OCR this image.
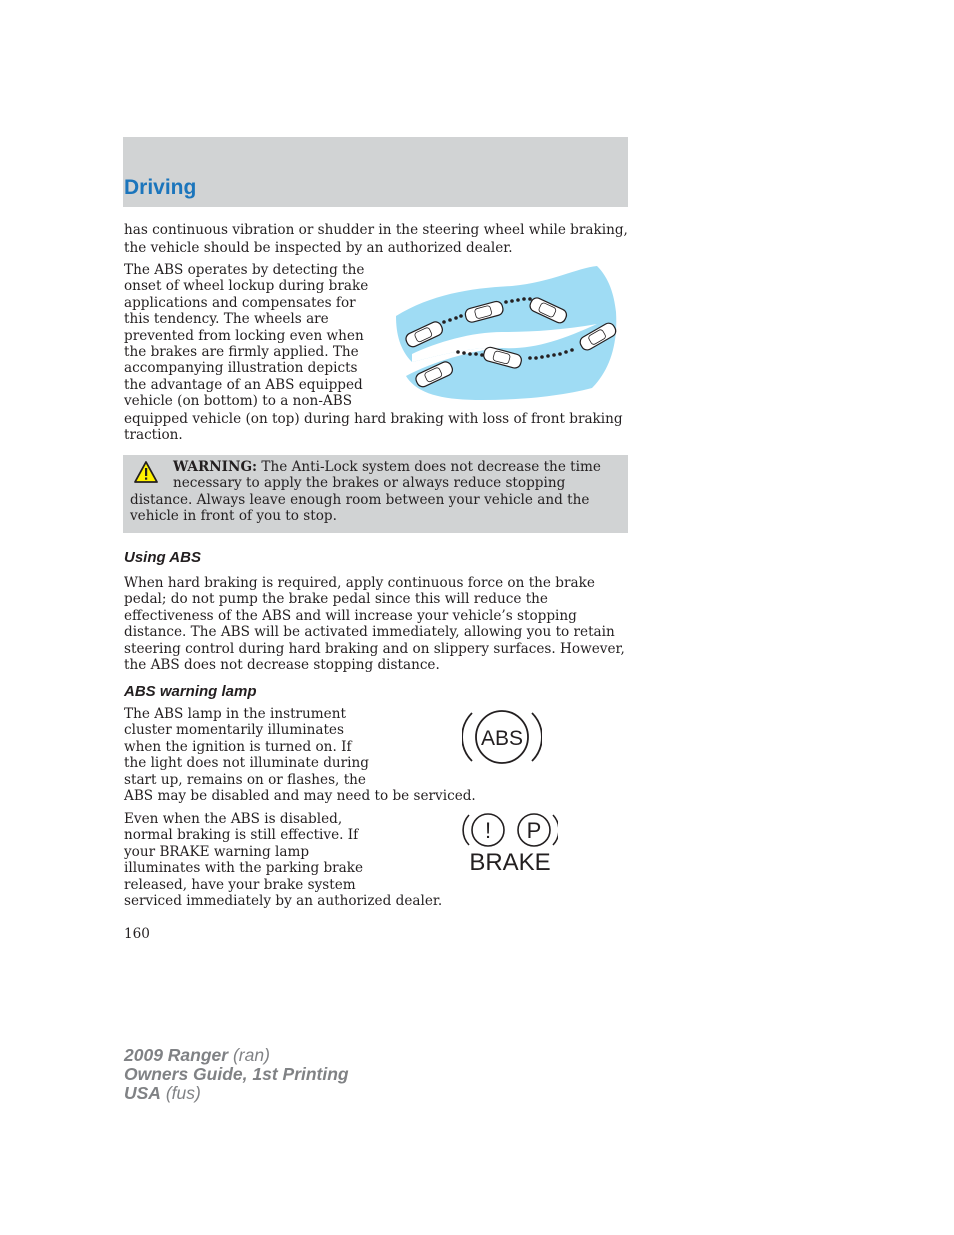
Driving
has continuous vibration or shudder in the steering wheel while braking,
the vehicle should be inspected by an authorized dealer.
The ABS operates by detecting the
onset of wheel lockup during brake
applications and compensates for
this tendency. The wheels are
prevented from locking even when
the brakes are firmly applied. The
accompanying illustration depicts
the advantage of an ABS equipped
vehicle (on bottom) to a non-ABS
equipped vehicle (on top) during hard braking with loss of front braking
traction.
WARNING: The Anti-Lock system does not decrease the time
necessary to apply the brakes or always reduce stopping
distance. Always leave enough room between your vehicle and the
vehicle in front of you to stop.
Using ABS
When hard braking is required, apply continuous force on the brake
pedal; do not pump the brake pedal since this will reduce the
effectiveness of the ABS and will increase your vehicle’s stopping
distance. The ABS will be activated immediately, allowing you to retain
steering control during hard braking and on slippery surfaces. However,
the ABS does not decrease stopping distance.
ABS warning lamp
The ABS lamp in the instrument
cluster momentarily illuminates
when the ignition is turned on. If
the light does not illuminate during
start up, remains on or flashes, the
ABS may be disabled and may need to be serviced.
ABS
Even when the ABS is disabled,
normal braking is still effective. If
your BRAKE warning lamp
illuminates with the parking brake
released, have your brake system
serviced immediately by an authorized dealer.
! P
BRAKE
160
2009 Ranger (ran)
Owners Guide, 1st Printing
USA (fus)
